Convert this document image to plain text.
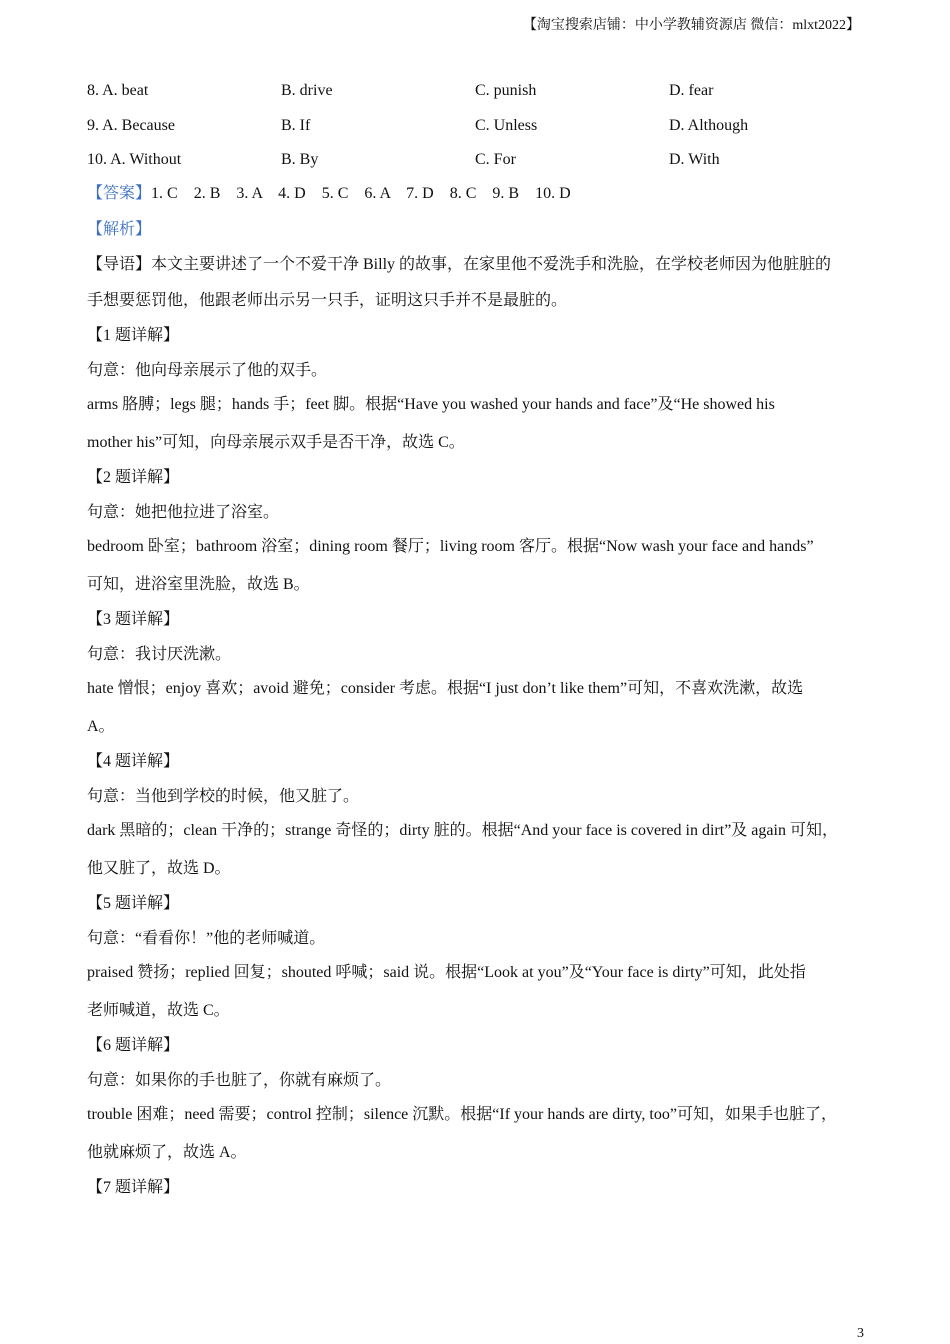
【淘宝搜索店铺：中小学教辅资源店 微信：mlxt2022】
8. A. beat	B. drive	C. punish	D. fear
9. A. Because	B. If	C. Unless	D. Although
10. A. Without	B. By	C. For	D. With

【答案】1. C    2. B    3. A    4. D    5. C    6. A    7. D    8. C    9. B    10. D

【解析】

【导语】本文主要讲述了一个不爱干净 Billy 的故事，在家里他不爱洗手和洗脸，在学校老师因为他脏脏的

手想要惩罚他，他跟老师出示另一只手，证明这只手并不是最脏的。

【1 题详解】

句意：他向母亲展示了他的双手。

arms 胳膊；legs 腿；hands 手；feet 脚。根据“Have you washed your hands and face”及“He showed his

mother his”可知，向母亲展示双手是否干净，故选 C。

【2 题详解】

句意：她把他拉进了浴室。

bedroom 卧室；bathroom 浴室；dining room 餐厅；living room 客厅。根据“Now wash your face and hands”

可知，进浴室里洗脸，故选 B。

【3 题详解】

句意：我讨厌洗漱。

hate 憎恨；enjoy 喜欢；avoid 避免；consider 考虑。根据“I just don’t like them”可知，不喜欢洗漱，故选

A。

【4 题详解】

句意：当他到学校的时候，他又脏了。

dark 黑暗的；clean 干净的；strange 奇怪的；dirty 脏的。根据“And your face is covered in dirt”及 again 可知，

他又脏了，故选 D。

【5 题详解】

句意：“看看你！”他的老师喊道。

praised 赞扬；replied 回复；shouted 呼喊；said 说。根据“Look at you”及“Your face is dirty”可知，此处指

老师喊道，故选 C。

【6 题详解】

句意：如果你的手也脏了，你就有麻烦了。

trouble 困难；need 需要；control 控制；silence 沉默。根据“If your hands are dirty, too”可知，如果手也脏了，

他就麻烦了，故选 A。

【7 题详解】

3
